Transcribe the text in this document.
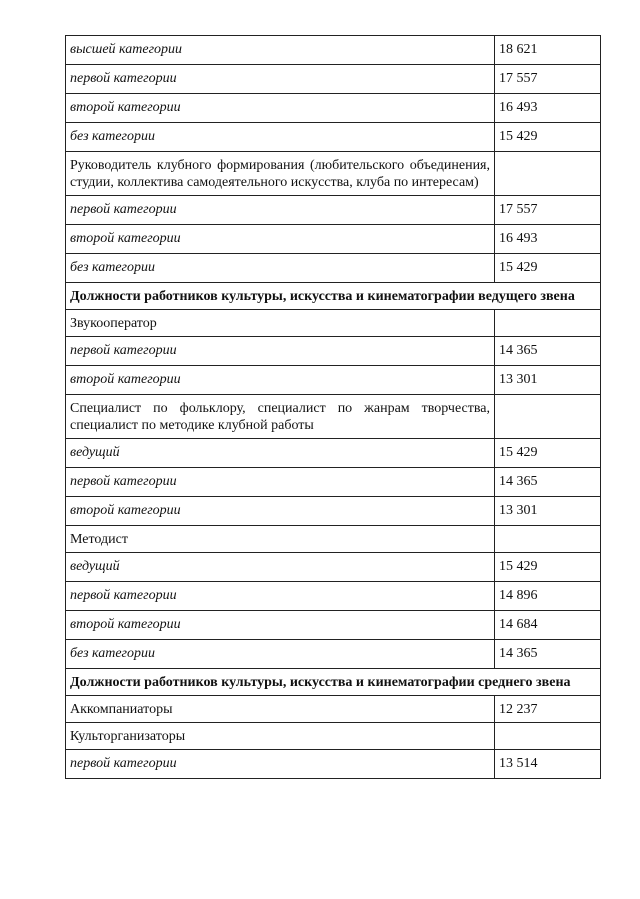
высшей категории	18 621
первой категории	17 557
второй категории	16 493
без категории	15 429
Руководитель клубного формирования (любительского объединения, студии, коллектива самодеятельного искусства, клуба по интересам)	
первой категории	17 557
второй категории	16 493
без категории	15 429
Должности работников культуры, искусства и кинематографии ведущего звена	
Звукооператор	
первой категории	14 365
второй категории	13 301
Специалист по фольклору, специалист по жанрам творчества, специалист по методике клубной работы	
ведущий	15 429
первой категории	14 365
второй категории	13 301
Методист	
ведущий	15 429
первой категории	14 896
второй категории	14 684
без категории	14 365
Должности работников культуры, искусства и кинематографии среднего звена	
Аккомпаниаторы	12 237
Культорганизаторы	
первой категории	13 514
